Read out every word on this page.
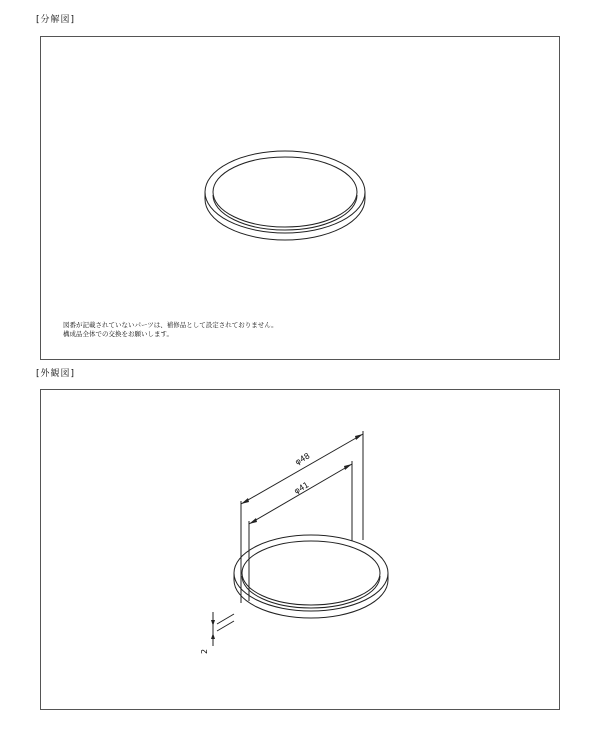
[分解図]
図番が記載されていないパーツは、補修品として設定されておりません。
構成品全体での交換をお願いします。
[外観図]
φ48
φ41
2
